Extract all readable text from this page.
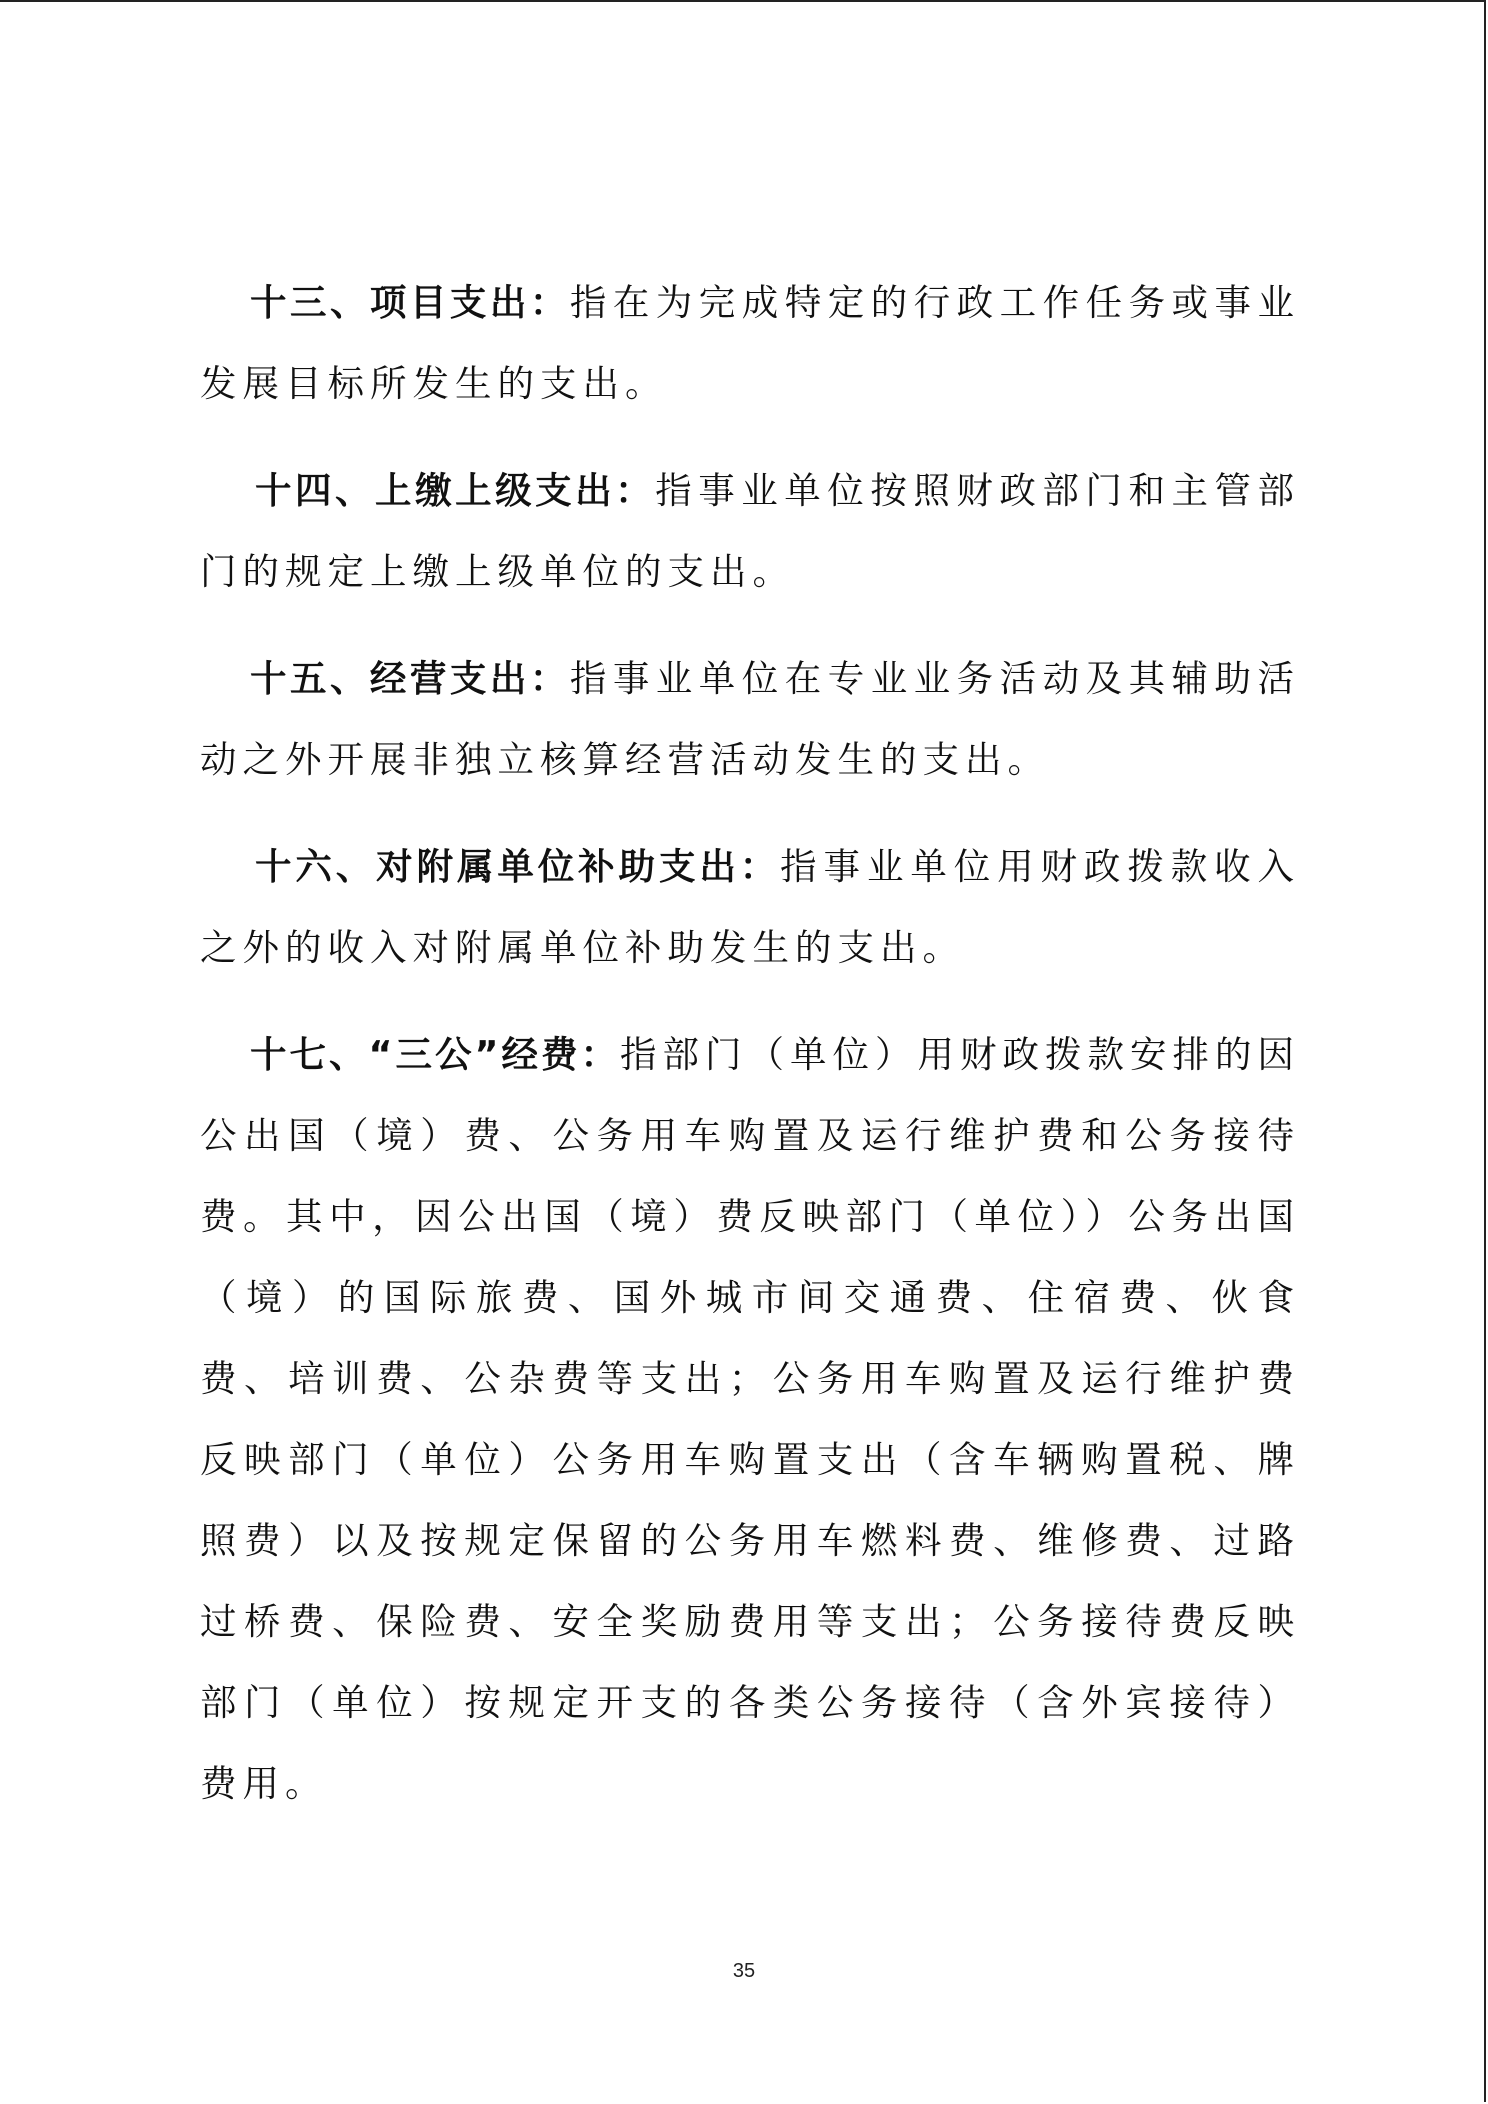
十三、项目支出：指在为完成特定的行政工作任务或事业发展目标所发生的支出。

十四、上缴上级支出：指事业单位按照财政部门和主管部门的规定上缴上级单位的支出。

十五、经营支出：指事业单位在专业业务活动及其辅助活动之外开展非独立核算经营活动发生的支出。

十六、对附属单位补助支出：指事业单位用财政拨款收入之外的收入对附属单位补助发生的支出。

十七、“三公”经费：指部门（单位）用财政拨款安排的因公出国（境）费、公务用车购置及运行维护费和公务接待费。其中，因公出国（境）费反映部门（单位））公务出国（境）的国际旅费、国外城市间交通费、住宿费、伙食费、培训费、公杂费等支出；公务用车购置及运行维护费反映部门（单位）公务用车购置支出（含车辆购置税、牌照费）以及按规定保留的公务用车燃料费、维修费、过路过桥费、保险费、安全奖励费用等支出；公务接待费反映部门（单位）按规定开支的各类公务接待（含外宾接待）费用。

35
